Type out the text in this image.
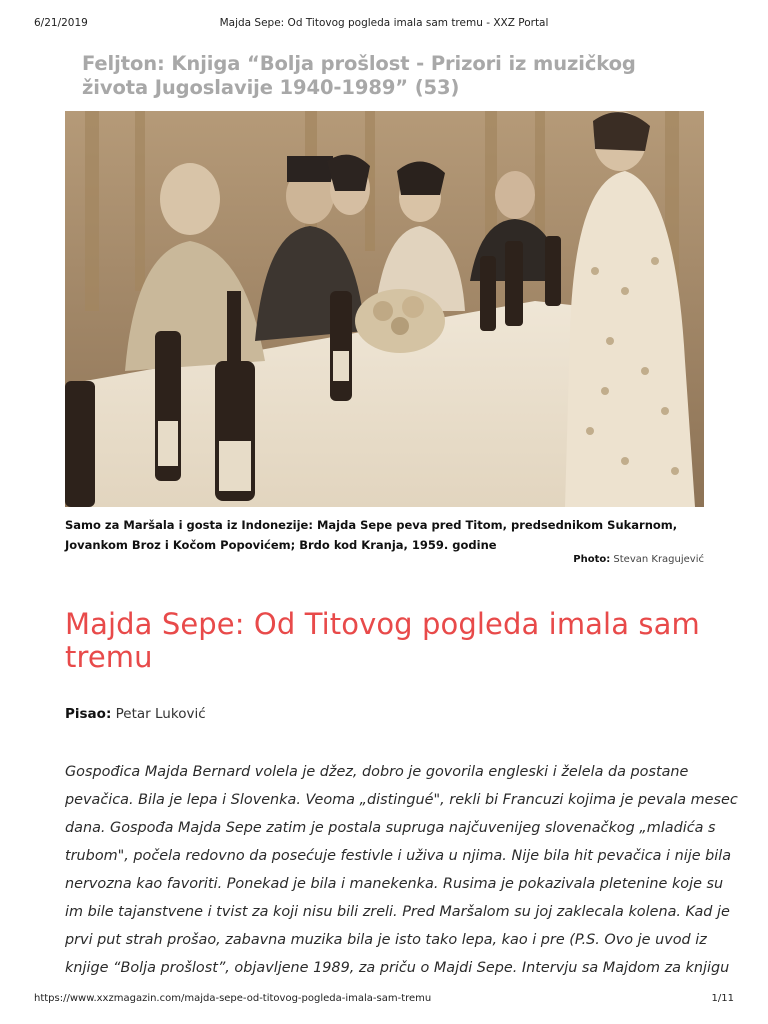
6/21/2019	Majda Sepe: Od Titovog pogleda imala sam tremu - XXZ Portal
Feljton: Knjiga “Bolja prošlost - Prizori iz muzičkog života Jugoslavije 1940-1989” (53)

Samo za Maršala i gosta iz Indonezije: Majda Sepe peva pred Titom, predsednikom Sukarnom, Jovankom Broz i Kočom Popovićem; Brdo kod Kranja, 1959. godine

Photo: Stevan Kragujević

Majda Sepe: Od Titovog pogleda imala sam tremu

Pisao: Petar Luković

Gospođica Majda Bernard volela je džez, dobro je govorila engleski i želela da postane

pevačica. Bila je lepa i Slovenka. Veoma „distingué", rekli bi Francuzi kojima je pevala mesec

dana. Gospođa Majda Sepe zatim je postala supruga najčuvenijeg slovenačkog „mladića s

trubom", počela redovno da posećuje festivle i uživa u njima. Nije bila hit pevačica i nije bila

nervozna kao favoriti. Ponekad je bila i manekenka. Rusima je pokazivala pletenine koje su

im bile tajanstvene i tvist za koji nisu bili zreli. Pred Maršalom su joj zaklecala kolena. Kad je

prvi put strah prošao, zabavna muzika bila je isto tako lepa, kao i pre (P.S. Ovo je uvod iz

knjige “Bolja prošlost”, objavljene 1989, za priču o Majdi Sepe. Intervju sa Majdom za knjigu

https://www.xxzmagazin.com/majda-sepe-od-titovog-pogleda-imala-sam-tremu	1/11
